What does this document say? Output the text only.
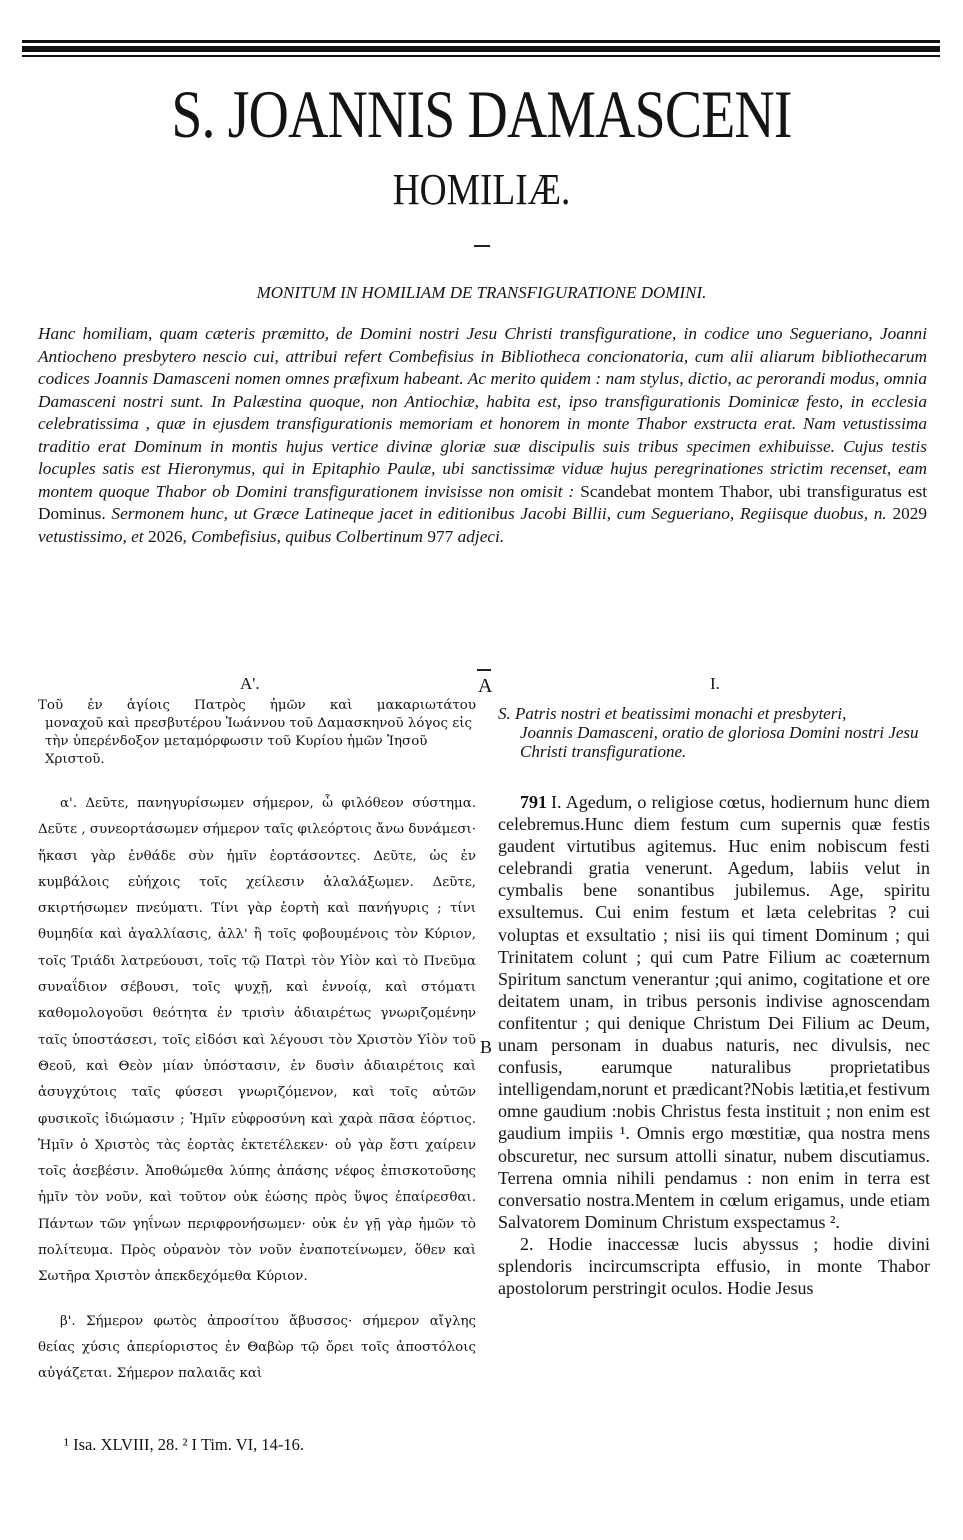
S. JOANNIS DAMASCENI
HOMILIÆ.
MONITUM IN HOMILIAM DE TRANSFIGURATIONE DOMINI.
Hanc homiliam, quam cæteris præmitto, de Domini nostri Jesu Christi transfiguratione, in codice uno Segueriano, Joanni Antiocheno presbytero nescio cui, attribui refert Combefisius in Bibliotheca concionatoria, cum alii aliarum bibliothecarum codices Joannis Damasceni nomen omnes præfixum habeant. Ac merito quidem : nam stylus, dictio, ac perorandi modus, omnia Damasceni nostri sunt. In Palæstina quoque, non Antiochiæ, habita est, ipso transfigurationis Dominicæ festo, in ecclesia celebratissima , quæ in ejusdem transfigurationis memoriam et honorem in monte Thabor exstructa erat. Nam vetustissima traditio erat Dominum in montis hujus vertice divinæ gloriæ suæ discipulis suis tribus specimen exhibuisse. Cujus testis locuples satis est Hieronymus, qui in Epitaphio Paulæ, ubi sanctissimæ viduæ hujus peregrinationes strictim recenset, eam montem quoque Thabor ob Domini transfigurationem invisisse non omisit : Scandebat montem Thabor, ubi transfiguratus est Dominus. Sermonem hunc, ut Græce Latineque jacet in editionibus Jacobi Billii, cum Segueriano, Regiisque duobus, n. 2029 vetustissimo, et 2026, Combefisius, quibus Colbertinum 977 adjeci.
Α'.	A	I.
B
Τοῦ ἐν ἁγίοις Πατρὸς ἡμῶν καὶ μακαριωτάτου
μοναχοῦ καὶ πρεσβυτέρου Ἰωάννου τοῦ Δαμασκηνοῦ λόγος εἰς τὴν ὑπερένδοξον μεταμόρφωσιν τοῦ Κυρίου ἡμῶν Ἰησοῦ Χριστοῦ.

α'. Δεῦτε, πανηγυρίσωμεν σήμερον, ὦ φιλόθεον σύστημα. Δεῦτε , συνεορτάσωμεν σήμερον ταῖς φιλεόρτοις ἄνω δυνάμεσι· ἥκασι γὰρ ἐνθάδε σὺν ἡμῖν ἑορτάσοντες. Δεῦτε, ὡς ἐν κυμβάλοις εὐήχοις τοῖς χείλεσιν ἀλαλάξωμεν. Δεῦτε, σκιρτήσωμεν πνεύματι. Τίνι γὰρ ἑορτὴ καὶ πανήγυρις ; τίνι θυμηδία καὶ ἀγαλλίασις, ἀλλ' ἢ τοῖς φοβουμένοις τὸν Κύριον, τοῖς Τριάδι λατρεύουσι, τοῖς τῷ Πατρὶ τὸν Υἱὸν καὶ τὸ Πνεῦμα συναΐδιον σέβουσι, τοῖς ψυχῇ, καὶ ἐννοίᾳ, καὶ στόματι καθομολογοῦσι θεότητα ἐν τρισὶν ἀδιαιρέτως γνωριζομένην ταῖς ὑποστάσεσι, τοῖς εἰδόσι καὶ λέγουσι τὸν Χριστὸν Υἱὸν τοῦ Θεοῦ, καὶ Θεὸν μίαν ὑπόστασιν, ἐν δυσὶν ἀδιαιρέτοις καὶ ἀσυγχύτοις ταῖς φύσεσι γνωριζόμενον, καὶ τοῖς αὐτῶν φυσικοῖς ἰδιώμασιν ; Ἡμῖν εὐφροσύνη καὶ χαρὰ πᾶσα ἑόρτιος. Ἡμῖν ὁ Χριστὸς τὰς ἑορτὰς ἐκτετέλεκεν· οὐ γὰρ ἔστι χαίρειν τοῖς ἀσεβέσιν. Ἀποθώμεθα λύπης ἁπάσης νέφος ἐπισκοτοῦσης ἡμῖν τὸν νοῦν, καὶ τοῦτον οὐκ ἐώσης πρὸς ὕψος ἐπαίρεσθαι. Πάντων τῶν γηΐνων περιφρονήσωμεν· οὐκ ἐν γῇ γὰρ ἡμῶν τὸ πολίτευμα. Πρὸς οὐρανὸν τὸν νοῦν ἐναποτείνωμεν, ὅθεν καὶ Σωτῆρα Χριστὸν ἀπεκδεχόμεθα Κύριον.

β'. Σήμερον φωτὸς ἀπροσίτου ἄβυσσος· σήμερον αἴγλης θείας χύσις ἀπερίοριστος ἐν Θαβὼρ τῷ ὄρει τοῖς ἀποστόλοις αὐγάζεται. Σήμερον παλαιᾶς καὶ

S. Patris nostri et beatissimi monachi et presbyteri,
Joannis Damasceni, oratio de gloriosa Domini nostri Jesu Christi transfiguratione.

791 I. Agedum, o religiose cœtus, hodiernum hunc diem celebremus.Hunc diem festum cum supernis quæ festis gaudent virtutibus agitemus. Huc enim nobiscum festi celebrandi gratia venerunt. Agedum, labiis velut in cymbalis bene sonantibus jubilemus. Age, spiritu exsultemus. Cui enim festum et læta celebritas ? cui voluptas et exsultatio ; nisi iis qui timent Dominum ; qui Trinitatem colunt ; qui cum Patre Filium ac coæternum Spiritum sanctum venerantur ;qui animo, cogitatione et ore deitatem unam, in tribus personis indivise agnoscendam confitentur ; qui denique Christum Dei Filium ac Deum, unam personam in duabus naturis, nec divulsis, nec confusis, earumque naturalibus proprietatibus intelligendam,norunt et prædicant?Nobis lætitia,et festivum omne gaudium :nobis Christus festa instituit ; non enim est gaudium impiis ¹. Omnis ergo mœstitiæ, qua nostra mens obscuretur, nec sursum attolli sinatur, nubem discutiamus. Terrena omnia nihili pendamus : non enim in terra est conversatio nostra.Mentem in cœlum erigamus, unde etiam Salvatorem Dominum Christum exspectamus ².

2. Hodie inaccessæ lucis abyssus ; hodie divini splendoris incircumscripta effusio, in monte Thabor apostolorum perstringit oculos. Hodie Jesus

¹ Isa. XLVIII, 28. ² I Tim. VI, 14-16.
